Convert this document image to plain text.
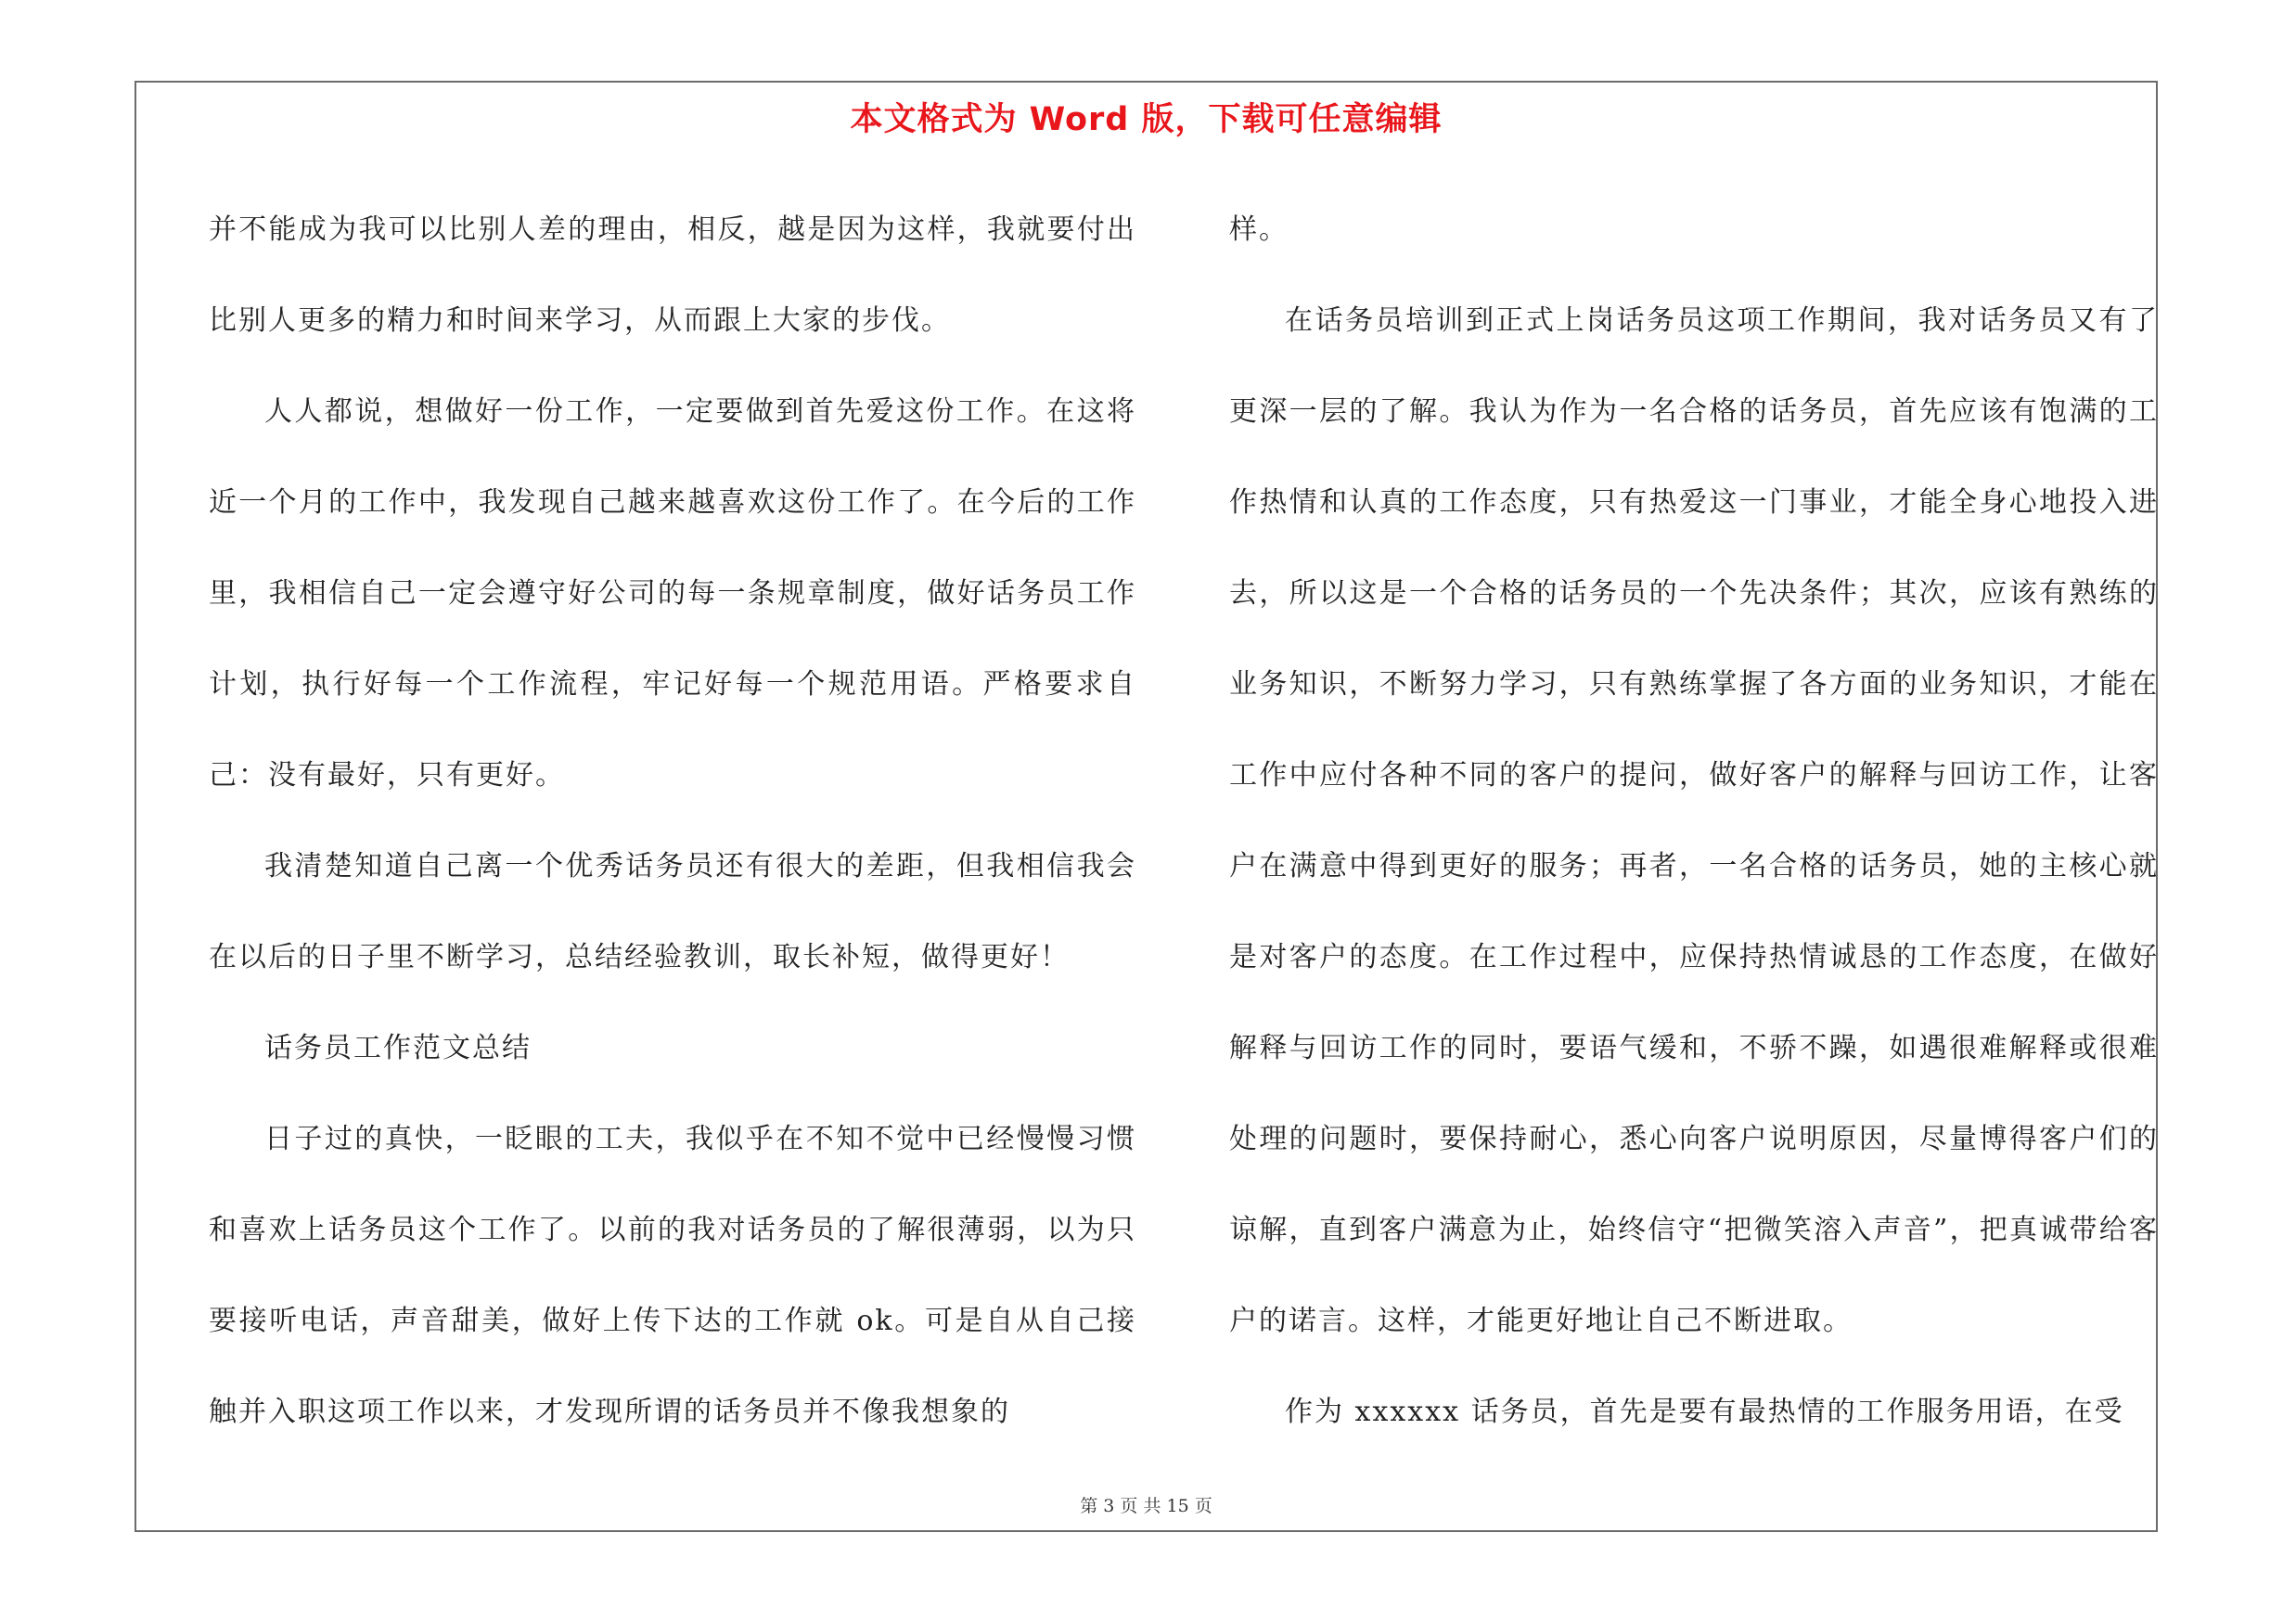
本文格式为 Word 版，下载可任意编辑

并不能成为我可以比别人差的理由，相反，越是因为这样，我就要付出比别人更多的精力和时间来学习，从而跟上大家的步伐。

人人都说，想做好一份工作，一定要做到首先爱这份工作。在这将近一个月的工作中，我发现自己越来越喜欢这份工作了。在今后的工作里，我相信自己一定会遵守好公司的每一条规章制度，做好话务员工作计划，执行好每一个工作流程，牢记好每一个规范用语。严格要求自己：没有最好，只有更好。

我清楚知道自己离一个优秀话务员还有很大的差距，但我相信我会在以后的日子里不断学习，总结经验教训，取长补短，做得更好！

话务员工作范文总结

日子过的真快，一眨眼的工夫，我似乎在不知不觉中已经慢慢习惯和喜欢上话务员这个工作了。以前的我对话务员的了解很薄弱，以为只要接听电话，声音甜美，做好上传下达的工作就 ok。可是自从自己接触并入职这项工作以来，才发现所谓的话务员并不像我想象的

样。

在话务员培训到正式上岗话务员这项工作期间，我对话务员又有了更深一层的了解。我认为作为一名合格的话务员，首先应该有饱满的工作热情和认真的工作态度，只有热爱这一门事业，才能全身心地投入进去，所以这是一个合格的话务员的一个先决条件；其次，应该有熟练的业务知识，不断努力学习，只有熟练掌握了各方面的业务知识，才能在工作中应付各种不同的客户的提问，做好客户的解释与回访工作，让客户在满意中得到更好的服务；再者，一名合格的话务员，她的主核心就是对客户的态度。在工作过程中，应保持热情诚恳的工作态度，在做好解释与回访工作的同时，要语气缓和，不骄不躁，如遇很难解释或很难处理的问题时，要保持耐心，悉心向客户说明原因，尽量博得客户们的谅解，直到客户满意为止，始终信守“把微笑溶入声音”，把真诚带给客户的诺言。这样，才能更好地让自己不断进取。

作为 xxxxxx 话务员，首先是要有最热情的工作服务用语，在受

第 3 页 共 15 页
